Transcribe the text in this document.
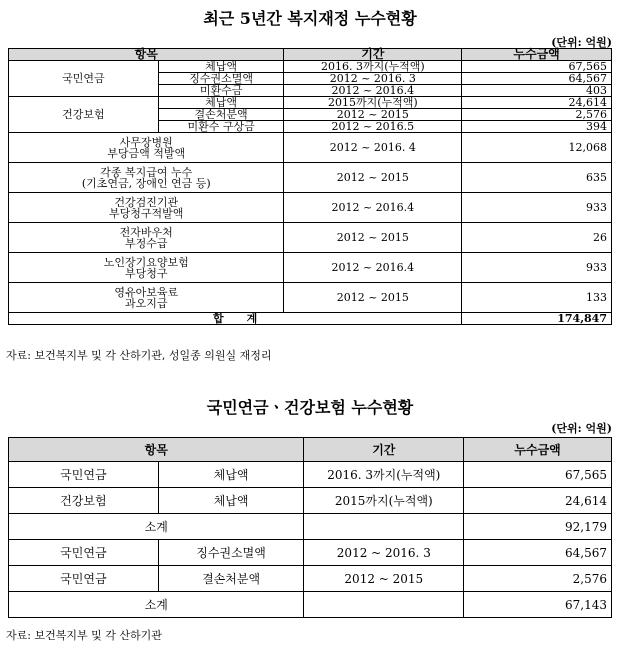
최근 5년간 복지재정 누수현황
(단위: 억원)
항목		기간	누수금액
국민연금	체납액	2016. 3까지(누적액)	67,565
	징수권소멸액	2012 ~ 2016. 3	64,567
	미환수금	2012 ~ 2016.4	403
건강보험	체납액	2015까지(누적액)	24,614
	결손처분액	2012 ~ 2015	2,576
	미환수 구상금	2012 ~ 2016.5	394

사무장병원
부당금액 적발액		2012 ~ 2016. 4	12,068

각종 복지급여 누수
(기초연금, 장애인 연금 등)		2012 ~ 2015	635

건강검진기관
부당청구적발액		2012 ~ 2016.4	933

전자바우처
부정수급		2012 ~ 2015	26

노인장기요양보험
부당청구		2012 ~ 2016.4	933

영유아보육료
과오지급		2012 ~ 2015	133
합      계			174,847
자료: 보건복지부 및 각 산하기관, 성일종 의원실 재정리
국민연금ㆍ건강보험 누수현황
(단위: 억원)
항목		기간	누수금액
국민연금	체납액	2016. 3까지(누적액)	67,565
건강보험	체납액	2015까지(누적액)	24,614
소계			92,179
국민연금	징수권소멸액	2012 ~ 2016. 3	64,567
국민연금	결손처분액	2012 ~ 2015	2,576
소계			67,143
자료: 보건복지부 및 각 산하기관
